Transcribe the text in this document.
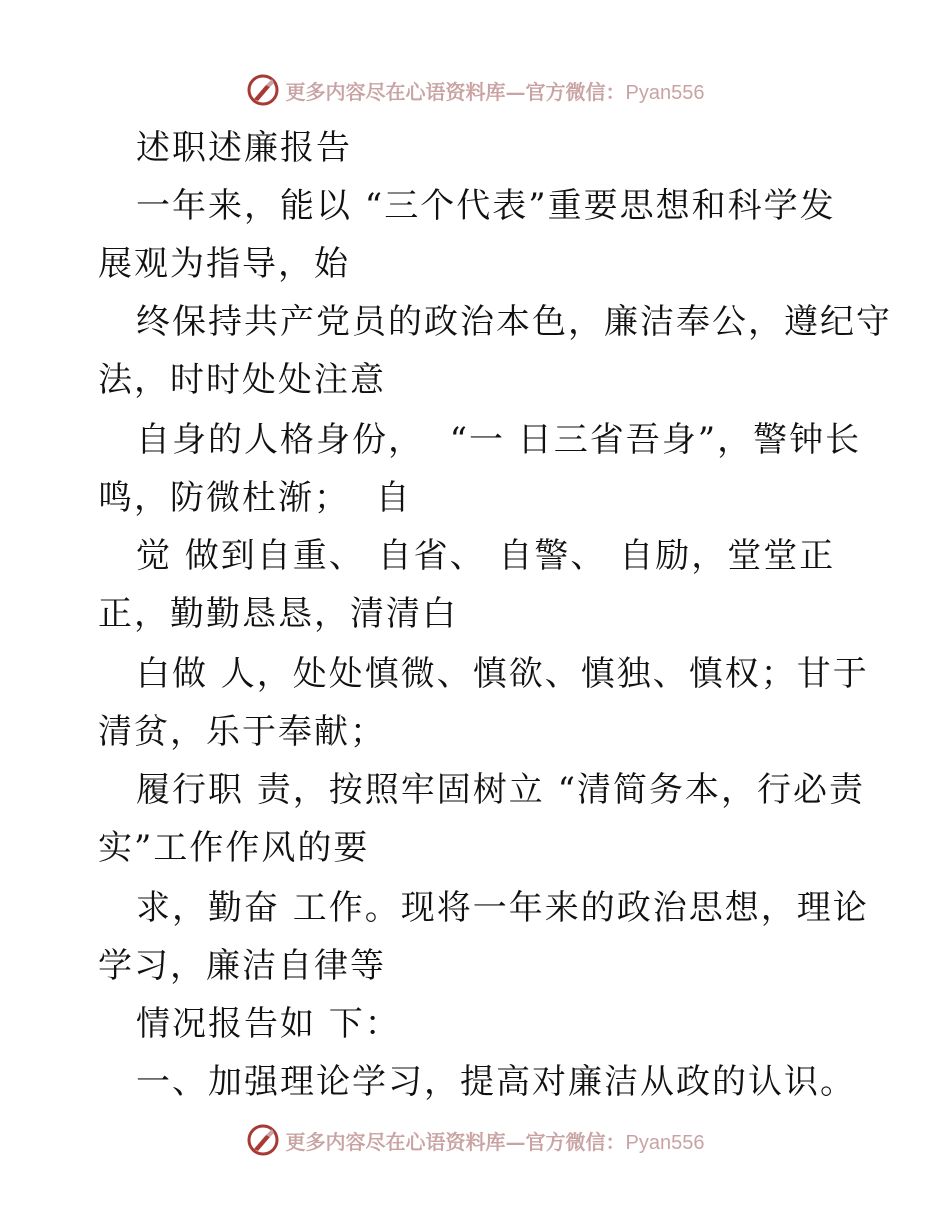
更多内容尽在心语资料库—官方微信：Pyan556
述职述廉报告
一年来，能以 “三个代表”重要思想和科学发
展观为指导，始
终保持共产党员的政治本色，廉洁奉公，遵纪守
法，时时处处注意
自身的人格身份，  “一 日三省吾身”，警钟长
鸣，防微杜渐；  自
觉 做到自重、 自省、 自警、 自励，堂堂正
正，勤勤恳恳，清清白
白做 人，处处慎微、慎欲、慎独、慎权；甘于
清贫，乐于奉献；
履行职 责，按照牢固树立 “清简务本，行必责
实”工作作风的要
求，勤奋 工作。现将一年来的政治思想，理论
学习，廉洁自律等
情况报告如 下：
一、加强理论学习，提高对廉洁从政的认识。
更多内容尽在心语资料库—官方微信：Pyan556
